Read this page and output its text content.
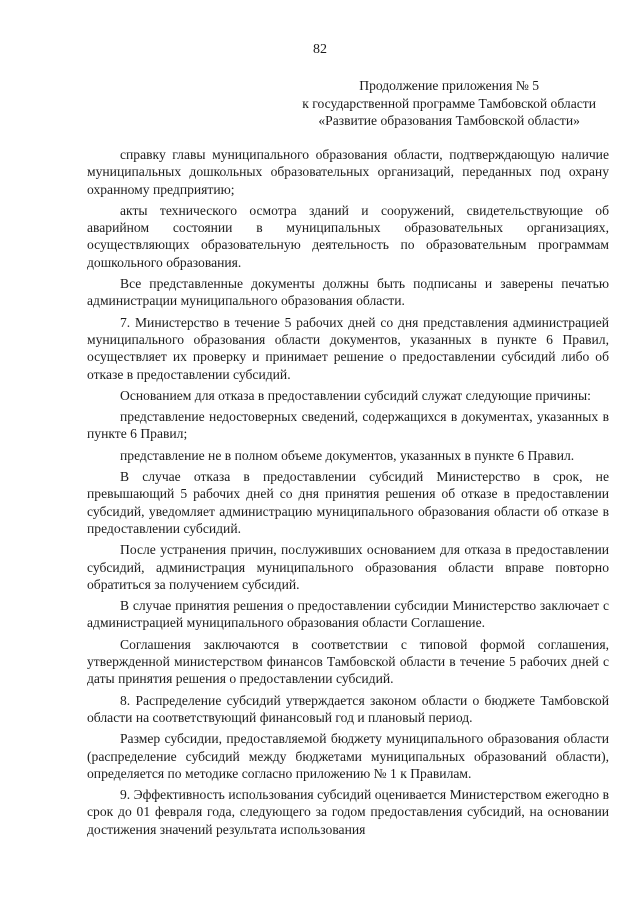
82
Продолжение приложения № 5
к государственной программе Тамбовской области
«Развитие образования Тамбовской области»

справку главы муниципального образования области, подтверждающую наличие муниципальных дошкольных образовательных организаций, переданных под охрану охранному предприятию;

акты технического осмотра зданий и сооружений, свидетельствующие об аварийном состоянии в муниципальных образовательных организациях, осуществляющих образовательную деятельность по образовательным программам дошкольного образования.

Все представленные документы должны быть подписаны и заверены печатью администрации муниципального образования области.

7. Министерство в течение 5 рабочих дней со дня представления администрацией муниципального образования области документов, указанных в пункте 6 Правил, осуществляет их проверку и принимает решение о предоставлении субсидий либо об отказе в предоставлении субсидий.

Основанием для отказа в предоставлении субсидий служат следующие причины:

представление недостоверных сведений, содержащихся в документах, указанных в пункте 6 Правил;

представление не в полном объеме документов, указанных в пункте 6 Правил.

В случае отказа в предоставлении субсидий Министерство в срок, не превышающий 5 рабочих дней со дня принятия решения об отказе в предоставлении субсидий, уведомляет администрацию муниципального образования области об отказе в предоставлении субсидий.

После устранения причин, послуживших основанием для отказа в предоставлении субсидий, администрация муниципального образования области вправе повторно обратиться за получением субсидий.

В случае принятия решения о предоставлении субсидии Министерство заключает с администрацией муниципального образования области Соглашение.

Соглашения заключаются в соответствии с типовой формой соглашения, утвержденной министерством финансов Тамбовской области в течение 5 рабочих дней с даты принятия решения о предоставлении субсидий.

8. Распределение субсидий утверждается законом области о бюджете Тамбовской области на соответствующий финансовый год и плановый период.

Размер субсидии, предоставляемой бюджету муниципального образования области (распределение субсидий между бюджетами муниципальных образований области), определяется по методике согласно приложению № 1 к Правилам.

9. Эффективность использования субсидий оценивается Министерством ежегодно в срок до 01 февраля года, следующего за годом предоставления субсидий, на основании достижения значений результата использования
